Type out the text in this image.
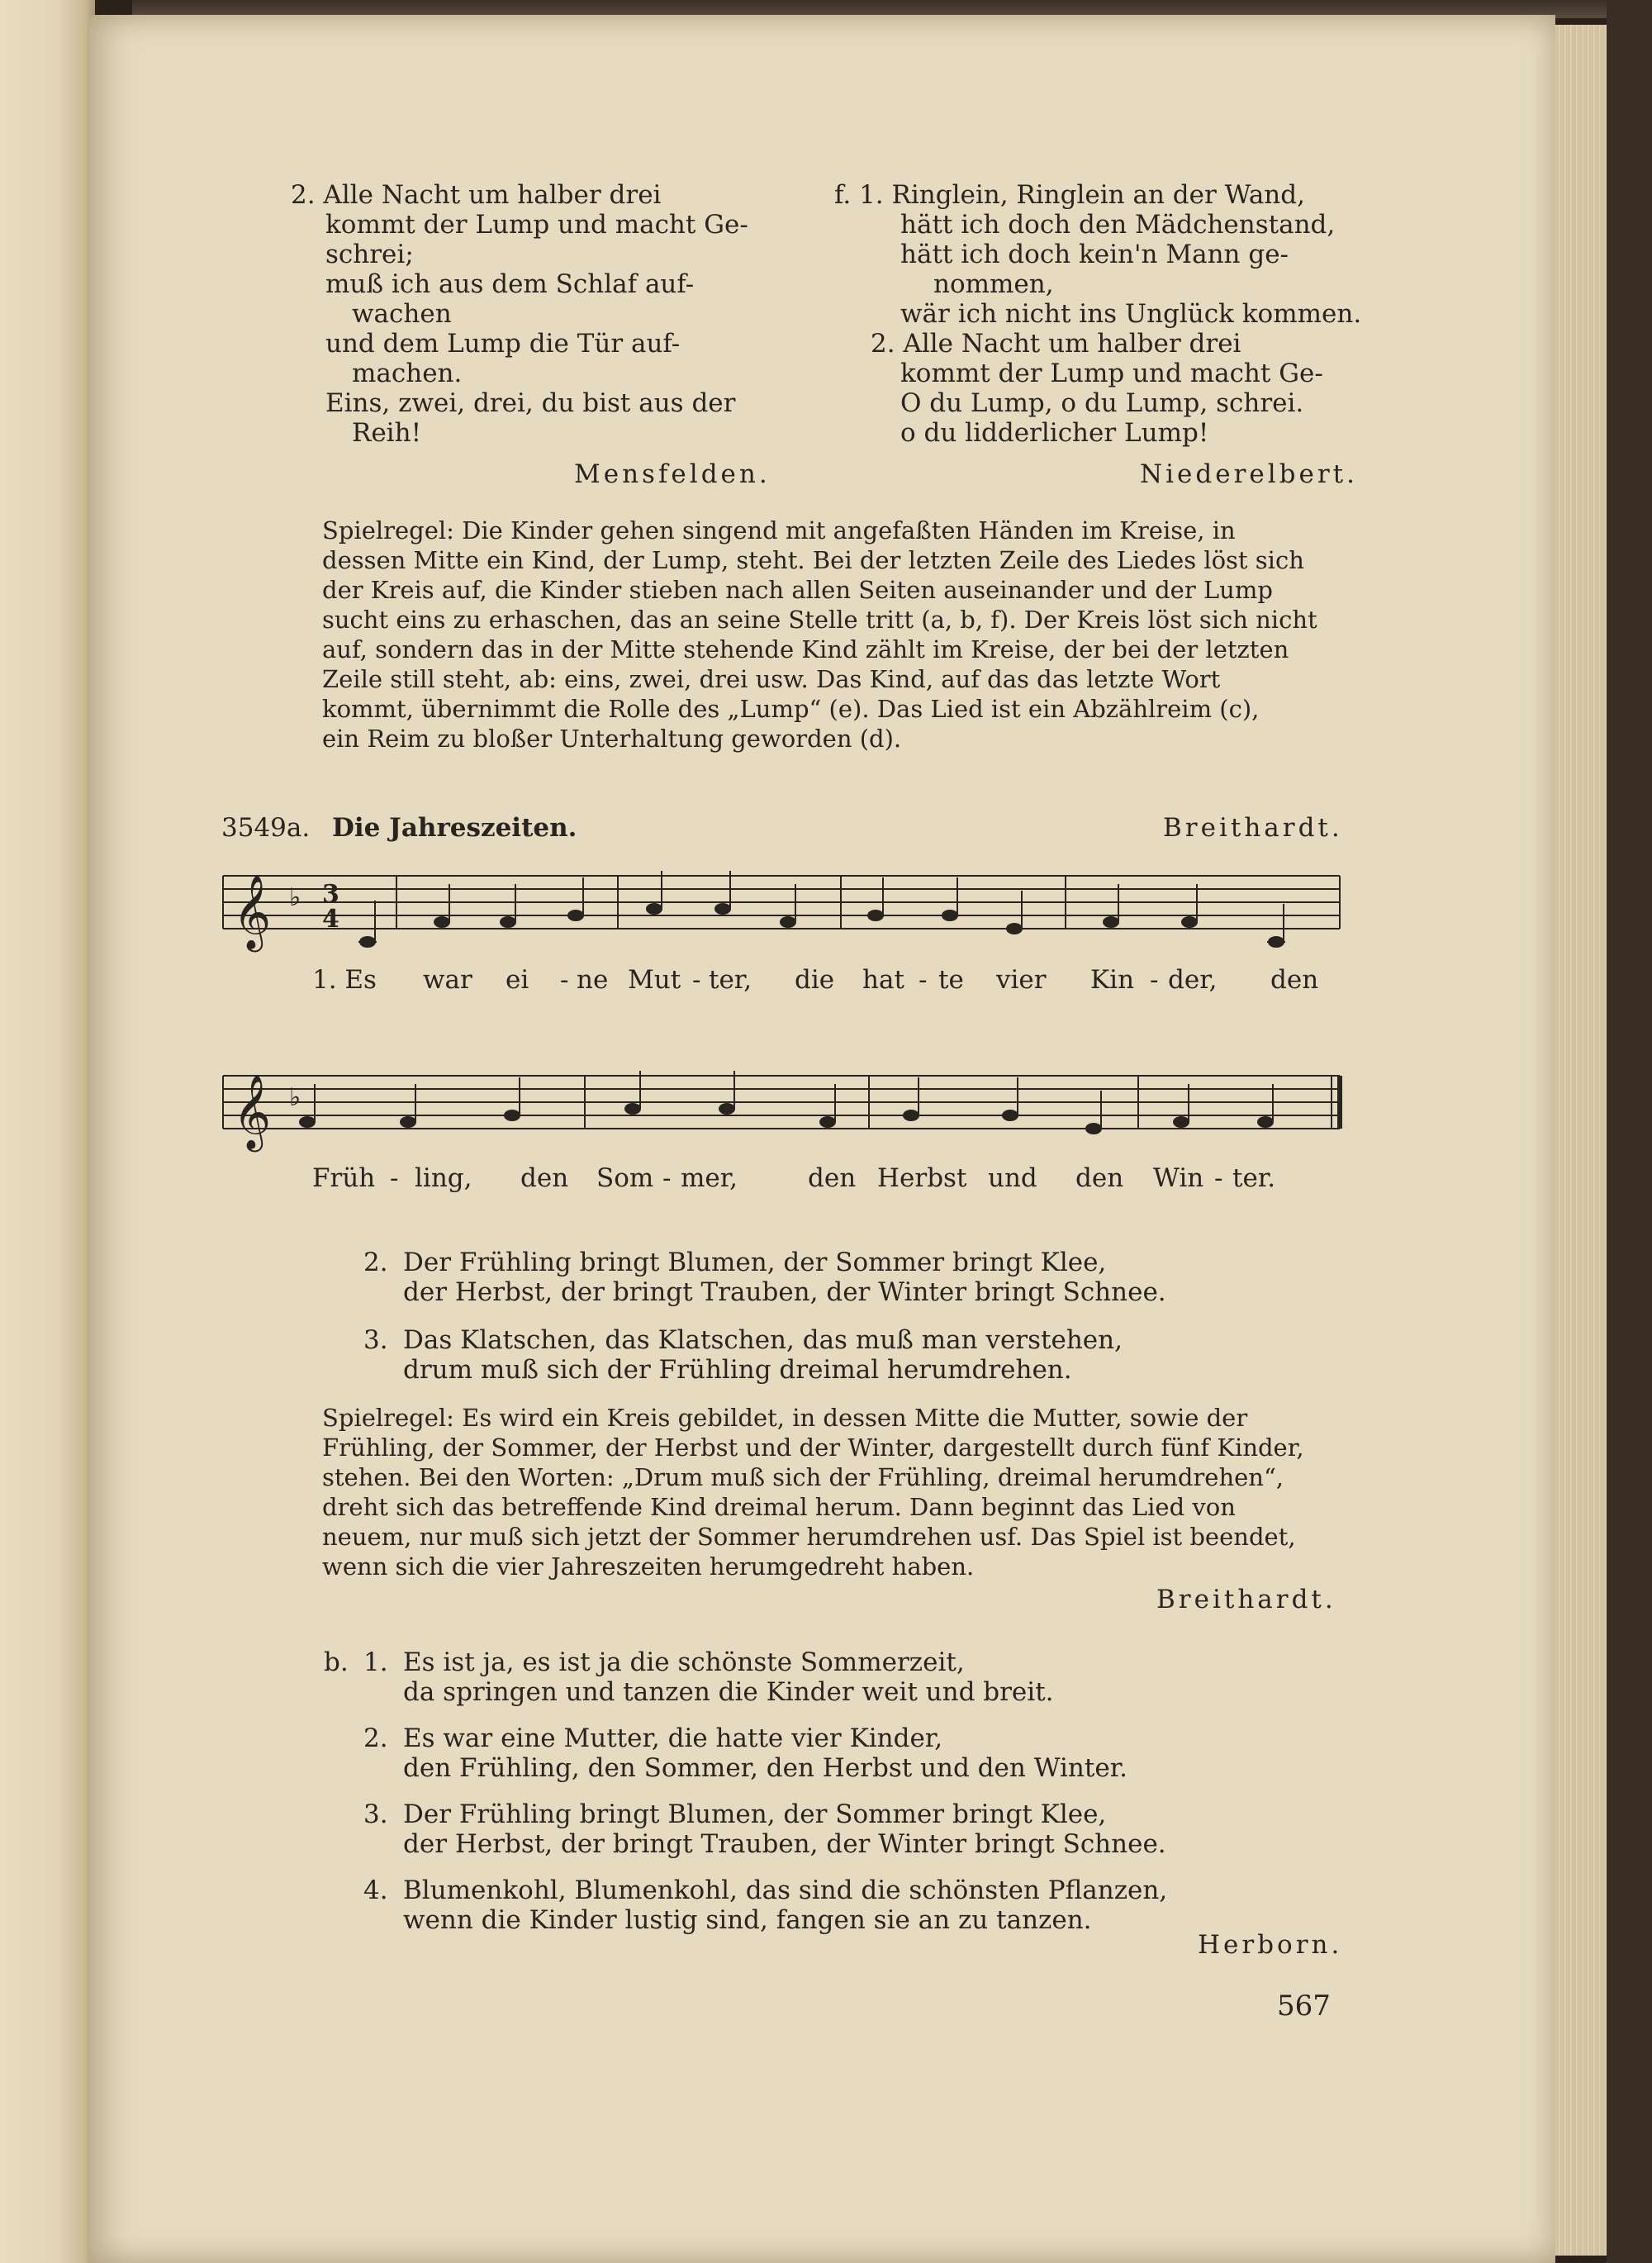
2. Alle Nacht um halber drei
kommt der Lump und macht Ge-
schrei;
muß ich aus dem Schlaf auf-
wachen
und dem Lump die Tür auf-
machen.
Eins, zwei, drei, du bist aus der
Reih!
Mensfelden.
f. 1. Ringlein, Ringlein an der Wand,
hätt ich doch den Mädchenstand,
hätt ich doch kein'n Mann ge-
nommen,
wär ich nicht ins Unglück kommen.
2. Alle Nacht um halber drei
kommt der Lump und macht Ge-
O du Lump, o du Lump, schrei.
o du lidderlicher Lump!
Niederelbert.
Spielregel: Die Kinder gehen singend mit angefaßten Händen im Kreise, in
dessen Mitte ein Kind, der Lump, steht. Bei der letzten Zeile des Liedes löst sich
der Kreis auf, die Kinder stieben nach allen Seiten auseinander und der Lump
sucht eins zu erhaschen, das an seine Stelle tritt (a, b, f). Der Kreis löst sich nicht
auf, sondern das in der Mitte stehende Kind zählt im Kreise, der bei der letzten
Zeile still steht, ab: eins, zwei, drei usw. Das Kind, auf das das letzte Wort
kommt, übernimmt die Rolle des „Lump“ (e). Das Lied ist ein Abzählreim (c),
ein Reim zu bloßer Unterhaltung geworden (d).
3549a. Die Jahreszeiten.	Breithardt.
𝄞 ♭ 3
4
1. Es war ei - ne Mut - ter, die hat - te vier Kin - der, den
𝄞 ♭
Früh - ling, den Som - mer,	den Herbst und den Win - ter.
2. Der Frühling bringt Blumen, der Sommer bringt Klee,
der Herbst, der bringt Trauben, der Winter bringt Schnee.
3. Das Klatschen, das Klatschen, das muß man verstehen,
drum muß sich der Frühling dreimal herumdrehen.
Spielregel: Es wird ein Kreis gebildet, in dessen Mitte die Mutter, sowie der
Frühling, der Sommer, der Herbst und der Winter, dargestellt durch fünf Kinder,
stehen. Bei den Worten: „Drum muß sich der Frühling, dreimal herumdrehen“,
dreht sich das betreffende Kind dreimal herum. Dann beginnt das Lied von
neuem, nur muß sich jetzt der Sommer herumdrehen usf. Das Spiel ist beendet,
wenn sich die vier Jahreszeiten herumgedreht haben.
Breithardt.
b. 1. Es ist ja, es ist ja die schönste Sommerzeit,
da springen und tanzen die Kinder weit und breit.
2. Es war eine Mutter, die hatte vier Kinder,
den Frühling, den Sommer, den Herbst und den Winter.
3. Der Frühling bringt Blumen, der Sommer bringt Klee,
der Herbst, der bringt Trauben, der Winter bringt Schnee.
4. Blumenkohl, Blumenkohl, das sind die schönsten Pflanzen,
wenn die Kinder lustig sind, fangen sie an zu tanzen.
Herborn.
567
